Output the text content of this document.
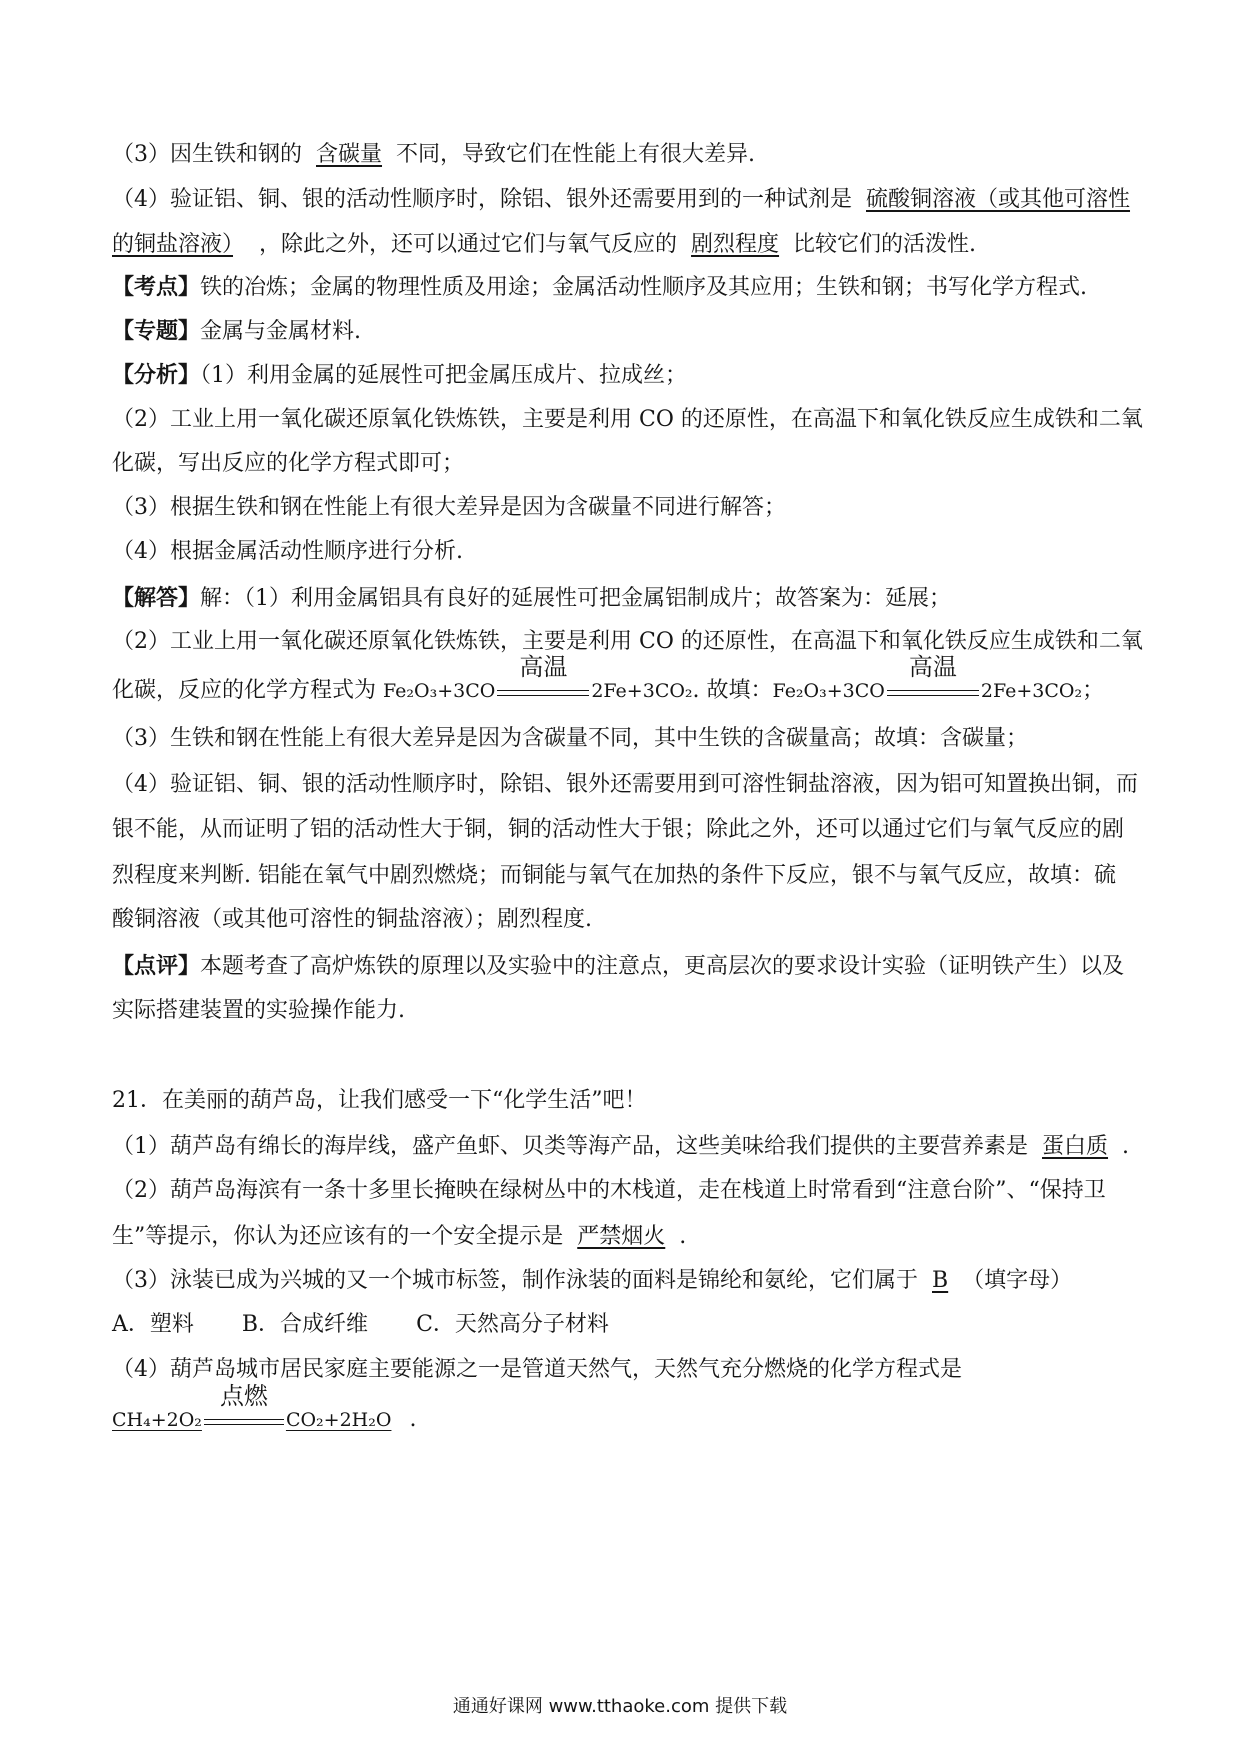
（3）因生铁和钢的 含碳量 不同，导致它们在性能上有很大差异.
（4）验证铝、铜、银的活动性顺序时，除铝、银外还需要用到的一种试剂是 硫酸铜溶液（或其他可溶性
的铜盐溶液） ，除此之外，还可以通过它们与氧气反应的 剧烈程度 比较它们的活泼性.
【考点】铁的冶炼；金属的物理性质及用途；金属活动性顺序及其应用；生铁和钢；书写化学方程式.
【专题】金属与金属材料.
【分析】（1）利用金属的延展性可把金属压成片、拉成丝；
（2）工业上用一氧化碳还原氧化铁炼铁，主要是利用 CO 的还原性，在高温下和氧化铁反应生成铁和二氧
化碳，写出反应的化学方程式即可；
（3）根据生铁和钢在性能上有很大差异是因为含碳量不同进行解答；
（4）根据金属活动性顺序进行分析.
【解答】解：（1）利用金属铝具有良好的延展性可把金属铝制成片；故答案为：延展；
（2）工业上用一氧化碳还原氧化铁炼铁，主要是利用 CO 的还原性，在高温下和氧化铁反应生成铁和二氧
化碳，反应的化学方程式为 Fe₂O₃+3CO
高温
2Fe+3CO₂. 故填：Fe₂O₃+3CO
高温
2Fe+3CO₂；
（3）生铁和钢在性能上有很大差异是因为含碳量不同，其中生铁的含碳量高；故填：含碳量；
（4）验证铝、铜、银的活动性顺序时，除铝、银外还需要用到可溶性铜盐溶液，因为铝可知置换出铜，而
银不能，从而证明了铝的活动性大于铜，铜的活动性大于银；除此之外，还可以通过它们与氧气反应的剧
烈程度来判断. 铝能在氧气中剧烈燃烧；而铜能与氧气在加热的条件下反应，银不与氧气反应，故填：硫
酸铜溶液（或其他可溶性的铜盐溶液）；剧烈程度.
【点评】本题考查了高炉炼铁的原理以及实验中的注意点，更高层次的要求设计实验（证明铁产生）以及
实际搭建装置的实验操作能力.
21．在美丽的葫芦岛，让我们感受一下“化学生活”吧！
（1）葫芦岛有绵长的海岸线，盛产鱼虾、贝类等海产品，这些美味给我们提供的主要营养素是 蛋白质 .
（2）葫芦岛海滨有一条十多里长掩映在绿树丛中的木栈道，走在栈道上时常看到“注意台阶”、“保持卫
生”等提示，你认为还应该有的一个安全提示是 严禁烟火 .
（3）泳装已成为兴城的又一个城市标签，制作泳装的面料是锦纶和氨纶，它们属于 B （填字母）
A．塑料 B．合成纤维 C．天然高分子材料
（4）葫芦岛城市居民家庭主要能源之一是管道天然气，天然气充分燃烧的化学方程式是
CH₄+2O₂
点燃
CO₂+2H₂O .
通通好课网 www.tthaoke.com 提供下载
